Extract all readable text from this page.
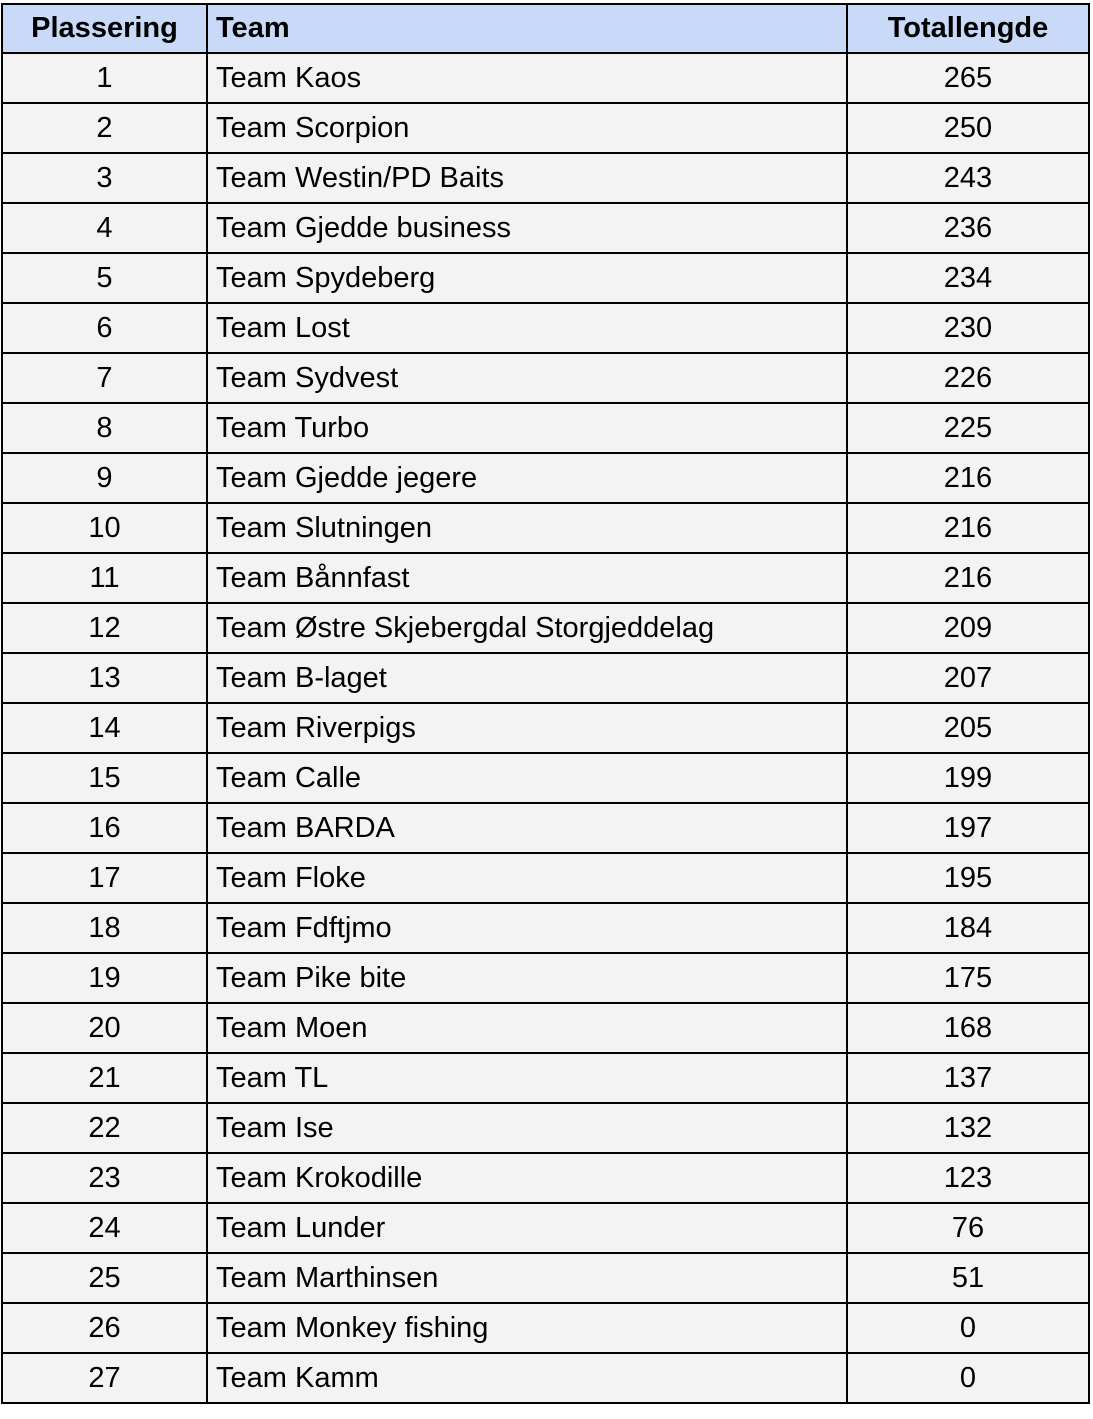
Plassering	Team	Totallengde
1	Team Kaos	265
2	Team Scorpion	250
3	Team Westin/PD Baits	243
4	Team Gjedde business	236
5	Team Spydeberg	234
6	Team Lost	230
7	Team Sydvest	226
8	Team Turbo	225
9	Team Gjedde jegere	216
10	Team Slutningen	216
11	Team Bånnfast	216
12	Team Østre Skjebergdal Storgjeddelag	209
13	Team B-laget	207
14	Team Riverpigs	205
15	Team Calle	199
16	Team BARDA	197
17	Team Floke	195
18	Team Fdftjmo	184
19	Team Pike bite	175
20	Team Moen	168
21	Team TL	137
22	Team Ise	132
23	Team Krokodille	123
24	Team Lunder	76
25	Team Marthinsen	51
26	Team Monkey fishing	0
27	Team Kamm	0
